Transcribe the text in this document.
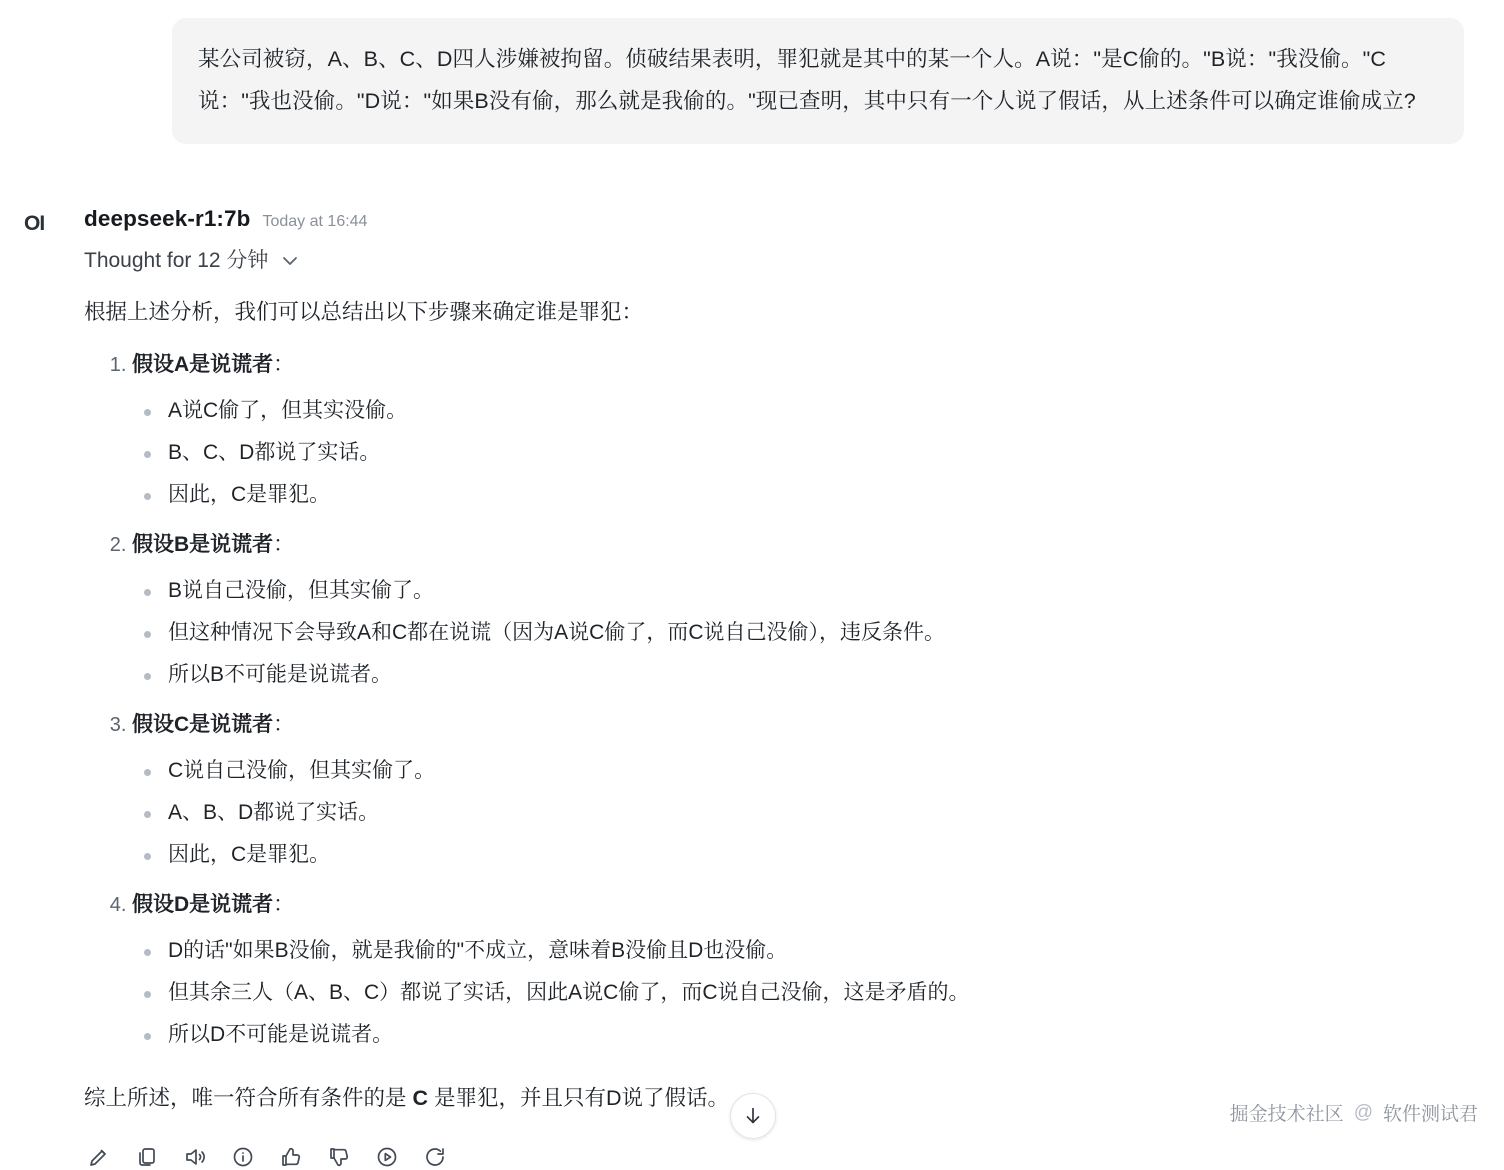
某公司被窃，A、B、C、D四人涉嫌被拘留。侦破结果表明，罪犯就是其中的某一个人。A说："是C偷的。"B说："我没偷。"C说："我也没偷。"D说："如果B没有偷，那么就是我偷的。"现已查明，其中只有一个人说了假话，从上述条件可以确定谁偷成立?
OI	deepseek-r1:7b Today at 16:44
Thought for 12 分钟

根据上述分析，我们可以总结出以下步骤来确定谁是罪犯：

1. 假设A是说谎者：
A说C偷了，但其实没偷。
B、C、D都说了实话。
因此，C是罪犯。
2. 假设B是说谎者：
B说自己没偷，但其实偷了。
但这种情况下会导致A和C都在说谎（因为A说C偷了，而C说自己没偷），违反条件。
所以B不可能是说谎者。
3. 假设C是说谎者：
C说自己没偷，但其实偷了。
A、B、D都说了实话。
因此，C是罪犯。
4. 假设D是说谎者：
D的话"如果B没偷，就是我偷的"不成立，意味着B没偷且D也没偷。
但其余三人（A、B、C）都说了实话，因此A说C偷了，而C说自己没偷，这是矛盾的。
所以D不可能是说谎者。

综上所述，唯一符合所有条件的是 C 是罪犯，并且只有D说了假话。

掘金技术社区 @ 软件测试君
